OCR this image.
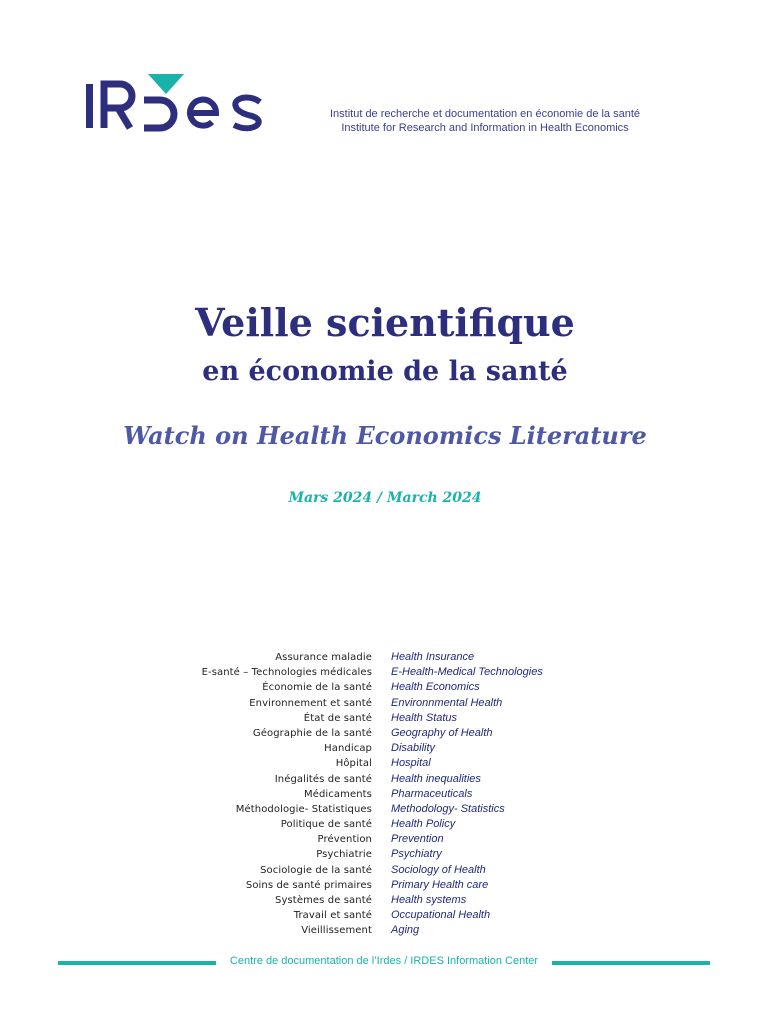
Institut de recherche et documentation en économie de la santé
Institute for Research and Information in Health Economics
Veille scientifique
en économie de la santé
Watch on Health Economics Literature
Mars 2024 / March 2024
Assurance maladie	Health Insurance
E-santé – Technologies médicales	E-Health-Medical Technologies
Économie de la santé	Health Economics
Environnement et santé	Environnmental Health
État de santé	Health Status
Géographie de la santé	Geography of Health
Handicap	Disability
Hôpital	Hospital
Inégalités de santé	Health inequalities
Médicaments	Pharmaceuticals
Méthodologie- Statistiques	Methodology- Statistics
Politique de santé	Health Policy
Prévention	Prevention
Psychiatrie	Psychiatry
Sociologie de la santé	Sociology of Health
Soins de santé primaires	Primary Health care
Systèmes de santé	Health systems
Travail et santé	Occupational Health
Vieillissement	Aging
Centre de documentation de l’Irdes / IRDES Information Center
